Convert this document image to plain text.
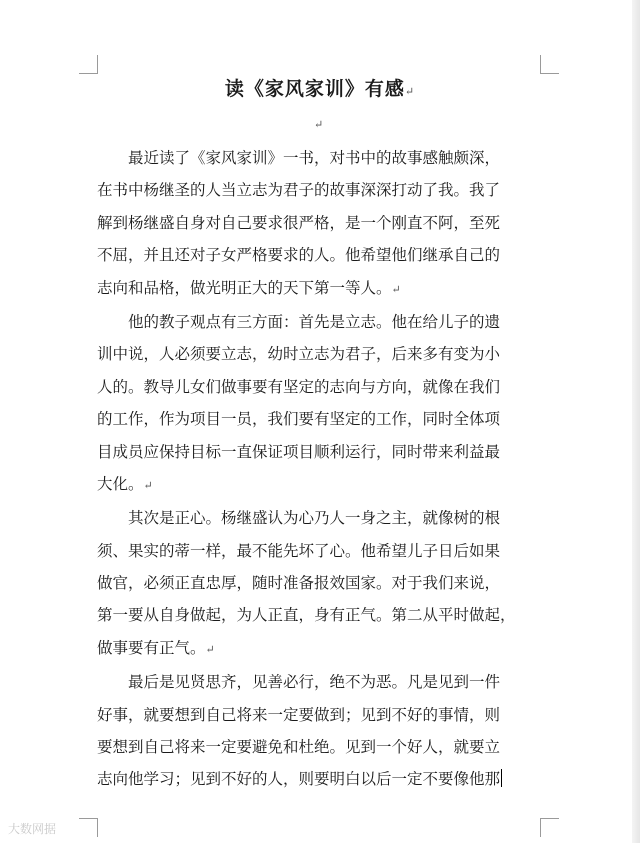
读《家风家训》有感↵
↵
　　最近读了《家风家训》一书，对书中的故事感触颇深，
在书中杨继圣的人当立志为君子的故事深深打动了我。我了
解到杨继盛自身对自己要求很严格，是一个刚直不阿，至死
不屈，并且还对子女严格要求的人。他希望他们继承自己的
志向和品格，做光明正大的天下第一等人。↵
　　他的教子观点有三方面：首先是立志。他在给儿子的遗
训中说，人必须要立志，幼时立志为君子，后来多有变为小
人的。教导儿女们做事要有坚定的志向与方向，就像在我们
的工作，作为项目一员，我们要有坚定的工作，同时全体项
目成员应保持目标一直保证项目顺利运行，同时带来利益最
大化。↵
　　其次是正心。杨继盛认为心乃人一身之主，就像树的根
须、果实的蒂一样，最不能先坏了心。他希望儿子日后如果
做官，必须正直忠厚，随时准备报效国家。对于我们来说，
第一要从自身做起，为人正直，身有正气。第二从平时做起，
做事要有正气。↵
　　最后是见贤思齐，见善必行，绝不为恶。凡是见到一件
好事，就要想到自己将来一定要做到；见到不好的事情，则
要想到自己将来一定要避免和杜绝。见到一个好人，就要立
志向他学习；见到不好的人，则要明白以后一定不要像他那
大数网据
